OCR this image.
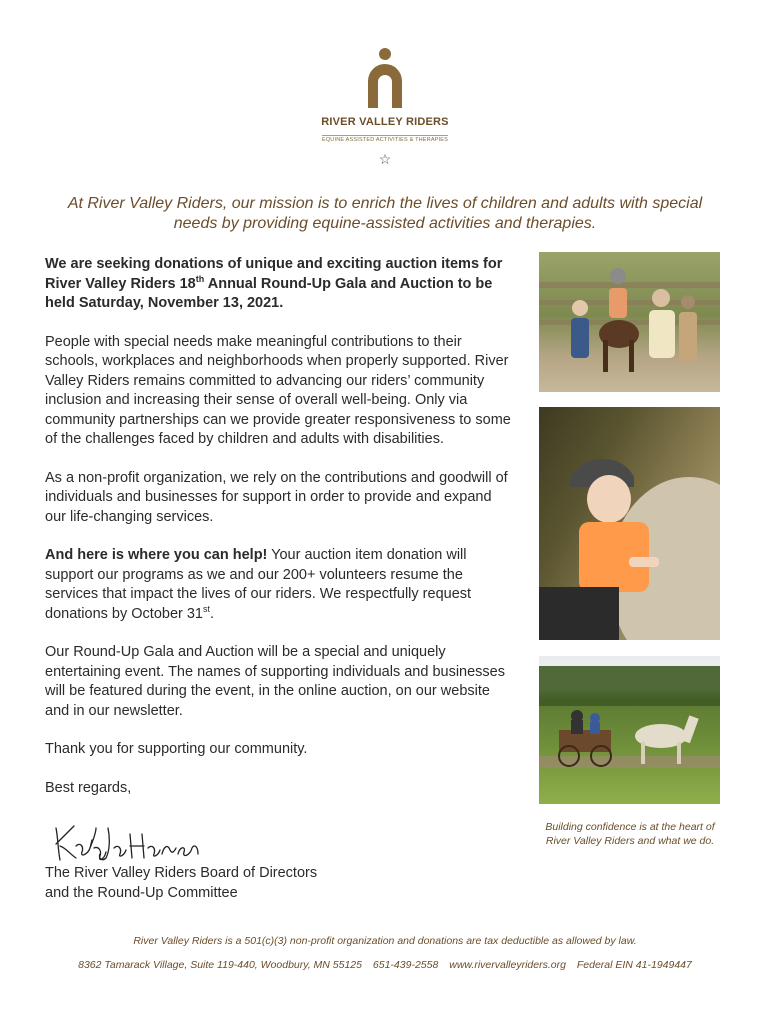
RIVER VALLEY RIDERS
EQUINE ASSISTED ACTIVITIES & THERAPIES
☆
At River Valley Riders, our mission is to enrich the lives of children and adults with special needs by providing equine-assisted activities and therapies.

We are seeking donations of unique and exciting auction items for River Valley Riders 18th Annual Round-Up Gala and Auction to be held Saturday, November 13, 2021.

People with special needs make meaningful contributions to their schools, workplaces and neighborhoods when properly supported. River Valley Riders remains committed to advancing our riders’ community inclusion and increasing their sense of overall well-being. Only via community partnerships can we provide greater responsiveness to some of the challenges faced by children and adults with disabilities.

As a non-profit organization, we rely on the contributions and goodwill of individuals and businesses for support in order to provide and expand our life-changing services.

And here is where you can help! Your auction item donation will support our programs as we and our 200+ volunteers resume the services that impact the lives of our riders. We respectfully request donations by October 31st.

Our Round-Up Gala and Auction will be a special and uniquely entertaining event. The names of supporting individuals and businesses will be featured during the event, in the online auction, on our website and in our newsletter.

Thank you for supporting our community.

Best regards,

The River Valley Riders Board of Directors
and the Round-Up Committee
Building confidence is at the heart of River Valley Riders and what we do.
River Valley Riders is a 501(c)(3) non-profit organization and donations are tax deductible as allowed by law.
8362 Tamarack Village, Suite 119-440, Woodbury, MN 55125 651-439-2558 www.rivervalleyriders.org Federal EIN 41-1949447
